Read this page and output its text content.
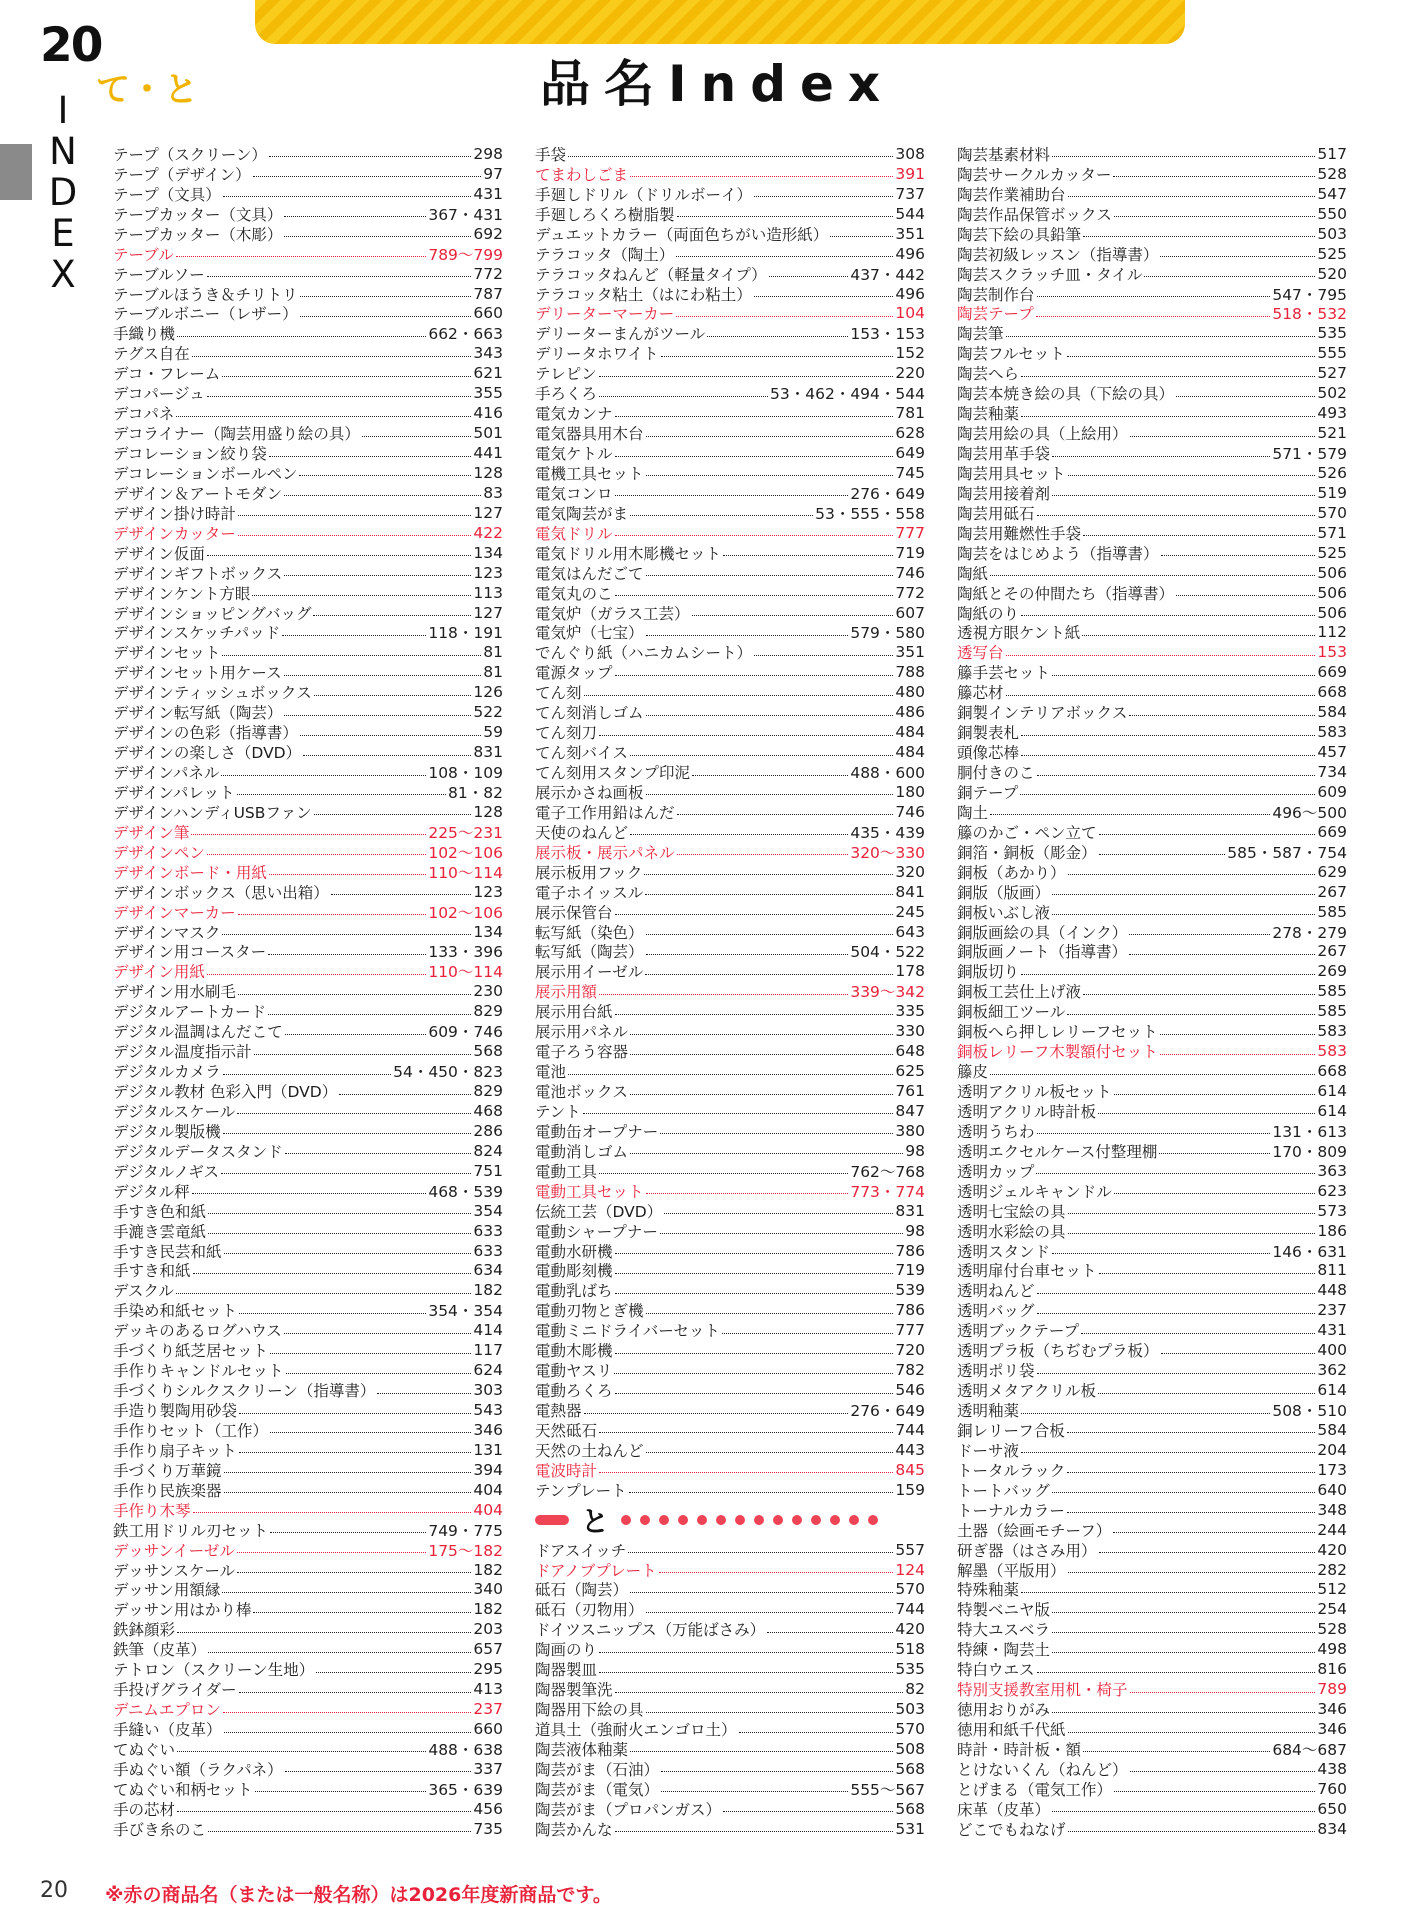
20
て・と
I
N
D
E
X
品名Index
テープ（スクリーン）	298
テープ（デザイン）	97
テープ（文具）	431
テープカッター（文具）	367・431
テープカッター（木彫）	692
テーブル	789〜799
テーブルソー	772
テーブルほうき＆チリトリ	787
テーブルボニー（レザー）	660
手織り機	662・663
テグス自在	343
デコ・フレーム	621
デコパージュ	355
デコパネ	416
デコライナー（陶芸用盛り絵の具）	501
デコレーション絞り袋	441
デコレーションボールペン	128
デザイン＆アートモダン	83
デザイン掛け時計	127
デザインカッター	422
デザイン仮面	134
デザインギフトボックス	123
デザインケント方眼	113
デザインショッピングバッグ	127
デザインスケッチパッド	118・191
デザインセット	81
デザインセット用ケース	81
デザインティッシュボックス	126
デザイン転写紙（陶芸）	522
デザインの色彩（指導書）	59
デザインの楽しさ（DVD）	831
デザインパネル	108・109
デザインパレット	81・82
デザインハンディUSBファン	128
デザイン筆	225〜231
デザインペン	102〜106
デザインボード・用紙	110〜114
デザインボックス（思い出箱）	123
デザインマーカー	102〜106
デザインマスク	134
デザイン用コースター	133・396
デザイン用紙	110〜114
デザイン用水刷毛	230
デジタルアートカード	829
デジタル温調はんだこて	609・746
デジタル温度指示計	568
デジタルカメラ	54・450・823
デジタル教材 色彩入門（DVD）	829
デジタルスケール	468
デジタル製版機	286
デジタルデータスタンド	824
デジタルノギス	751
デジタル秤	468・539
手すき色和紙	354
手漉き雲竜紙	633
手すき民芸和紙	633
手すき和紙	634
デスクル	182
手染め和紙セット	354・354
デッキのあるログハウス	414
手づくり紙芝居セット	117
手作りキャンドルセット	624
手づくりシルクスクリーン（指導書）	303
手造り製陶用砂袋	543
手作りセット（工作）	346
手作り扇子キット	131
手づくり万華鏡	394
手作り民族楽器	404
手作り木琴	404
鉄工用ドリル刃セット	749・775
デッサンイーゼル	175〜182
デッサンスケール	182
デッサン用額縁	340
デッサン用はかり棒	182
鉄鉢顔彩	203
鉄筆（皮革）	657
テトロン（スクリーン生地）	295
手投げグライダー	413
デニムエプロン	237
手縫い（皮革）	660
てぬぐい	488・638
手ぬぐい額（ラクパネ）	337
てぬぐい和柄セット	365・639
手の芯材	456
手びき糸のこ	735
手袋	308
てまわしごま	391
手廻しドリル（ドリルボーイ）	737
手廻しろくろ樹脂製	544
デュエットカラー（両面色ちがい造形紙）	351
テラコッタ（陶土）	496
テラコッタねんど（軽量タイプ）	437・442
テラコッタ粘土（はにわ粘土）	496
デリーターマーカー	104
デリーターまんがツール	153・153
デリータホワイト	152
テレピン	220
手ろくろ	53・462・494・544
電気カンナ	781
電気器具用木台	628
電気ケトル	649
電機工具セット	745
電気コンロ	276・649
電気陶芸がま	53・555・558
電気ドリル	777
電気ドリル用木彫機セット	719
電気はんだごて	746
電気丸のこ	772
電気炉（ガラス工芸）	607
電気炉（七宝）	579・580
でんぐり紙（ハニカムシート）	351
電源タップ	788
てん刻	480
てん刻消しゴム	486
てん刻刀	484
てん刻バイス	484
てん刻用スタンプ印泥	488・600
展示かさね画板	180
電子工作用鉛はんだ	746
天使のねんど	435・439
展示板・展示パネル	320〜330
展示板用フック	320
電子ホイッスル	841
展示保管台	245
転写紙（染色）	643
転写紙（陶芸）	504・522
展示用イーゼル	178
展示用額	339〜342
展示用台紙	335
展示用パネル	330
電子ろう容器	648
電池	625
電池ボックス	761
テント	847
電動缶オープナー	380
電動消しゴム	98
電動工具	762〜768
電動工具セット	773・774
伝統工芸（DVD）	831
電動シャープナー	98
電動水研機	786
電動彫刻機	719
電動乳ばち	539
電動刃物とぎ機	786
電動ミニドライバーセット	777
電動木彫機	720
電動ヤスリ	782
電動ろくろ	546
電熱器	276・649
天然砥石	744
天然の土ねんど	443
電波時計	845
テンプレート	159
と
ドアスイッチ	557
ドアノブプレート	124
砥石（陶芸）	570
砥石（刃物用）	744
ドイツスニップス（万能ばさみ）	420
陶画のり	518
陶器製皿	535
陶器製筆洗	82
陶器用下絵の具	503
道具土（強耐火エンゴロ土）	570
陶芸液体釉薬	508
陶芸がま（石油）	568
陶芸がま（電気）	555〜567
陶芸がま（プロパンガス）	568
陶芸かんな	531
陶芸基素材料	517
陶芸サークルカッター	528
陶芸作業補助台	547
陶芸作品保管ボックス	550
陶芸下絵の具鉛筆	503
陶芸初級レッスン（指導書）	525
陶芸スクラッチ皿・タイル	520
陶芸制作台	547・795
陶芸テープ	518・532
陶芸筆	535
陶芸フルセット	555
陶芸へら	527
陶芸本焼き絵の具（下絵の具）	502
陶芸釉薬	493
陶芸用絵の具（上絵用）	521
陶芸用革手袋	571・579
陶芸用具セット	526
陶芸用接着剤	519
陶芸用砥石	570
陶芸用難燃性手袋	571
陶芸をはじめよう（指導書）	525
陶紙	506
陶紙とその仲間たち（指導書）	506
陶紙のり	506
透視方眼ケント紙	112
透写台	153
籐手芸セット	669
籐芯材	668
銅製インテリアボックス	584
銅製表札	583
頭像芯棒	457
胴付きのこ	734
銅テープ	609
陶土	496〜500
籐のかご・ペン立て	669
銅箔・銅板（彫金）	585・587・754
銅板（あかり）	629
銅版（版画）	267
銅板いぶし液	585
銅版画絵の具（インク）	278・279
銅版画ノート（指導書）	267
銅版切り	269
銅板工芸仕上げ液	585
銅板細工ツール	585
銅板へら押しレリーフセット	583
銅板レリーフ木製額付セット	583
籐皮	668
透明アクリル板セット	614
透明アクリル時計板	614
透明うちわ	131・613
透明エクセルケース付整理棚	170・809
透明カップ	363
透明ジェルキャンドル	623
透明七宝絵の具	573
透明水彩絵の具	186
透明スタンド	146・631
透明扉付台車セット	811
透明ねんど	448
透明バッグ	237
透明ブックテープ	431
透明プラ板（ちぢむプラ板）	400
透明ポリ袋	362
透明メタアクリル板	614
透明釉薬	508・510
銅レリーフ合板	584
ドーサ液	204
トータルラック	173
トートバッグ	640
トーナルカラー	348
土器（絵画モチーフ）	244
研ぎ器（はさみ用）	420
解墨（平版用）	282
特殊釉薬	512
特製ベニヤ版	254
特大ユスベラ	528
特練・陶芸土	498
特白ウエス	816
特別支援教室用机・椅子	789
徳用おりがみ	346
徳用和紙千代紙	346
時計・時計板・額	684〜687
とけないくん（ねんど）	438
とげまる（電気工作）	760
床革（皮革）	650
どこでもねなげ	834
20 ※赤の商品名（または一般名称）は2026年度新商品です。
